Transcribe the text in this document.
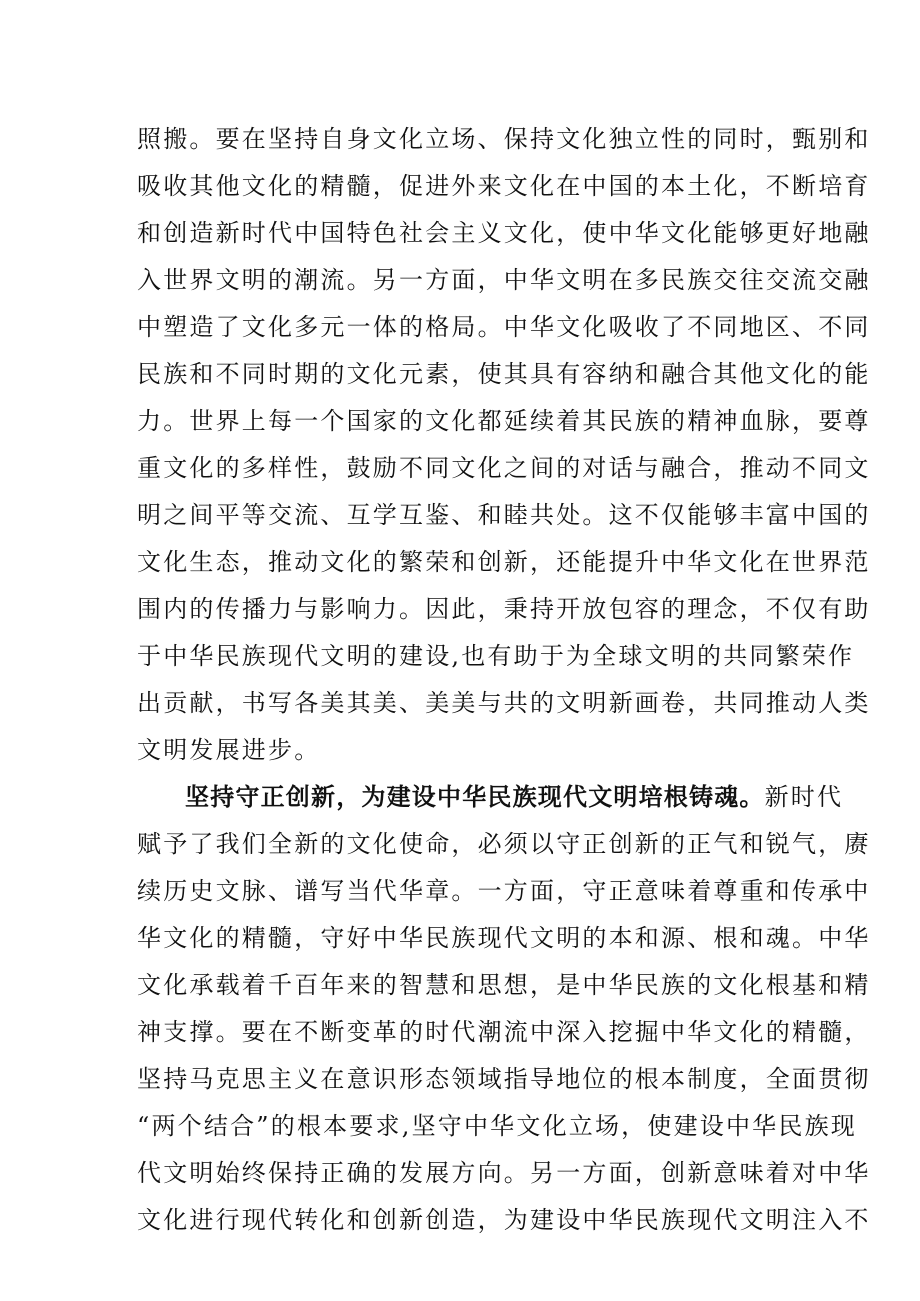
照搬。要在坚持自身文化立场、保持文化独立性的同时，甄别和
吸收其他文化的精髓，促进外来文化在中国的本土化，不断培育
和创造新时代中国特色社会主义文化，使中华文化能够更好地融
入世界文明的潮流。另一方面，中华文明在多民族交往交流交融
中塑造了文化多元一体的格局。中华文化吸收了不同地区、不同
民族和不同时期的文化元素，使其具有容纳和融合其他文化的能
力。世界上每一个国家的文化都延续着其民族的精神血脉，要尊
重文化的多样性，鼓励不同文化之间的对话与融合，推动不同文
明之间平等交流、互学互鉴、和睦共处。这不仅能够丰富中国的
文化生态，推动文化的繁荣和创新，还能提升中华文化在世界范
围内的传播力与影响力。因此，秉持开放包容的理念，不仅有助
于中华民族现代文明的建设,也有助于为全球文明的共同繁荣作
出贡献，书写各美其美、美美与共的文明新画卷，共同推动人类
文明发展进步。
坚持守正创新，为建设中华民族现代文明培根铸魂。新时代
赋予了我们全新的文化使命，必须以守正创新的正气和锐气，赓
续历史文脉、谱写当代华章。一方面，守正意味着尊重和传承中
华文化的精髓，守好中华民族现代文明的本和源、根和魂。中华
文化承载着千百年来的智慧和思想，是中华民族的文化根基和精
神支撑。要在不断变革的时代潮流中深入挖掘中华文化的精髓，
坚持马克思主义在意识形态领域指导地位的根本制度，全面贯彻
“两个结合”的根本要求,坚守中华文化立场，使建设中华民族现
代文明始终保持正确的发展方向。另一方面，创新意味着对中华
文化进行现代转化和创新创造，为建设中华民族现代文明注入不
